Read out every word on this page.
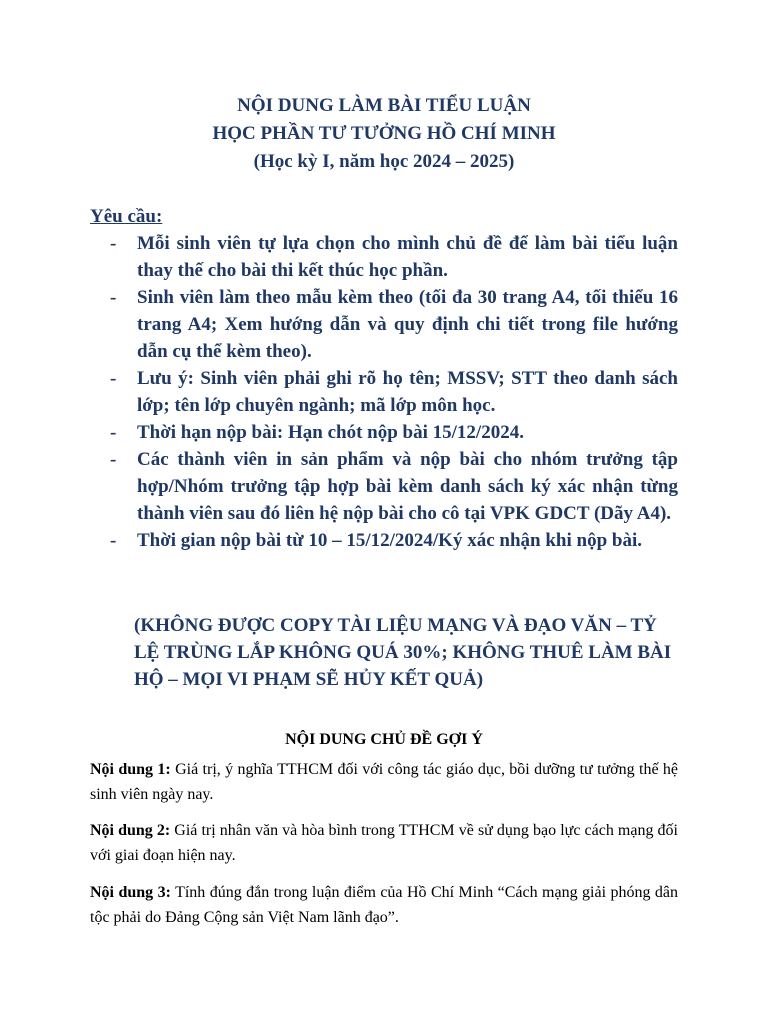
NỘI DUNG LÀM BÀI TIỂU LUẬN
HỌC PHẦN TƯ TƯỞNG HỒ CHÍ MINH
(Học kỳ I, năm học 2024 – 2025)
Yêu cầu:
- Mỗi sinh viên tự lựa chọn cho mình chủ đề để làm bài tiểu luận thay thế cho bài thi kết thúc học phần.
- Sinh viên làm theo mẫu kèm theo (tối đa 30 trang A4, tối thiểu 16 trang A4; Xem hướng dẫn và quy định chi tiết trong file hướng dẫn cụ thể kèm theo).
- Lưu ý: Sinh viên phải ghi rõ họ tên; MSSV; STT theo danh sách lớp; tên lớp chuyên ngành; mã lớp môn học.
- Thời hạn nộp bài: Hạn chót nộp bài 15/12/2024.
- Các thành viên in sản phẩm và nộp bài cho nhóm trưởng tập hợp/Nhóm trưởng tập hợp bài kèm danh sách ký xác nhận từng thành viên sau đó liên hệ nộp bài cho cô tại VPK GDCT (Dãy A4).
- Thời gian nộp bài từ 10 – 15/12/2024/Ký xác nhận khi nộp bài.
(KHÔNG ĐƯỢC COPY TÀI LIỆU MẠNG VÀ ĐẠO VĂN – TỶ LỆ TRÙNG LẮP KHÔNG QUÁ 30%; KHÔNG THUÊ LÀM BÀI HỘ – MỌI VI PHẠM SẼ HỦY KẾT QUẢ)
NỘI DUNG CHỦ ĐỀ GỢI Ý
Nội dung 1: Giá trị, ý nghĩa TTHCM đối với công tác giáo dục, bồi dưỡng tư tưởng thế hệ sinh viên ngày nay.
Nội dung 2: Giá trị nhân văn và hòa bình trong TTHCM về sử dụng bạo lực cách mạng đối với giai đoạn hiện nay.
Nội dung 3: Tính đúng đắn trong luận điểm của Hồ Chí Minh “Cách mạng giải phóng dân tộc phải do Đảng Cộng sản Việt Nam lãnh đạo”.
